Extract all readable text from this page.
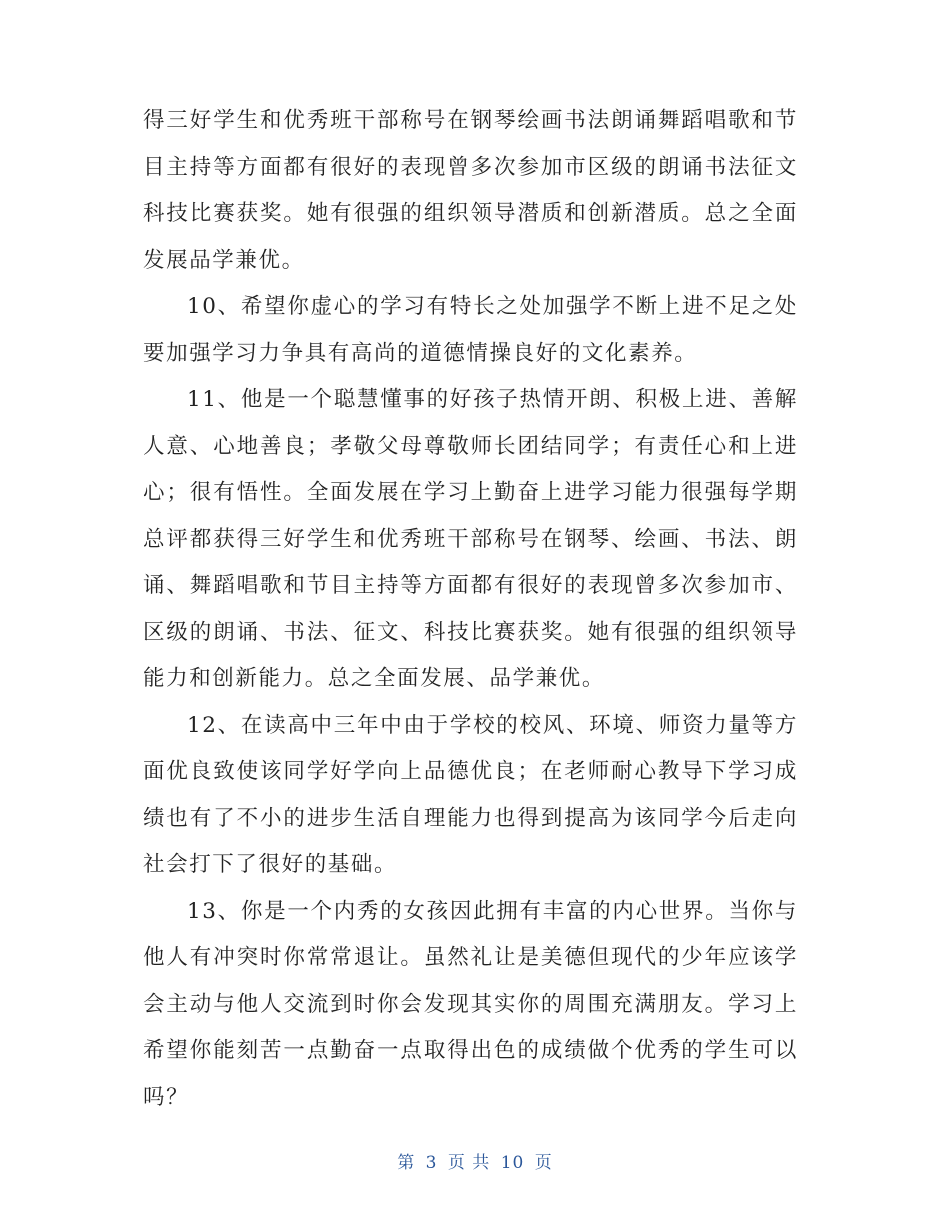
得三好学生和优秀班干部称号在钢琴绘画书法朗诵舞蹈唱歌和节目主持等方面都有很好的表现曾多次参加市区级的朗诵书法征文科技比赛获奖。她有很强的组织领导潜质和创新潜质。总之全面发展品学兼优。

10、希望你虚心的学习有特长之处加强学不断上进不足之处要加强学习力争具有高尚的道德情操良好的文化素养。

11、他是一个聪慧懂事的好孩子热情开朗、积极上进、善解人意、心地善良；孝敬父母尊敬师长团结同学；有责任心和上进心；很有悟性。全面发展在学习上勤奋上进学习能力很强每学期总评都获得三好学生和优秀班干部称号在钢琴、绘画、书法、朗诵、舞蹈唱歌和节目主持等方面都有很好的表现曾多次参加市、区级的朗诵、书法、征文、科技比赛获奖。她有很强的组织领导能力和创新能力。总之全面发展、品学兼优。

12、在读高中三年中由于学校的校风、环境、师资力量等方面优良致使该同学好学向上品德优良；在老师耐心教导下学习成绩也有了不小的进步生活自理能力也得到提高为该同学今后走向社会打下了很好的基础。

13、你是一个内秀的女孩因此拥有丰富的内心世界。当你与他人有冲突时你常常退让。虽然礼让是美德但现代的少年应该学会主动与他人交流到时你会发现其实你的周围充满朋友。学习上希望你能刻苦一点勤奋一点取得出色的成绩做个优秀的学生可以吗？

第 3 页 共 10 页
